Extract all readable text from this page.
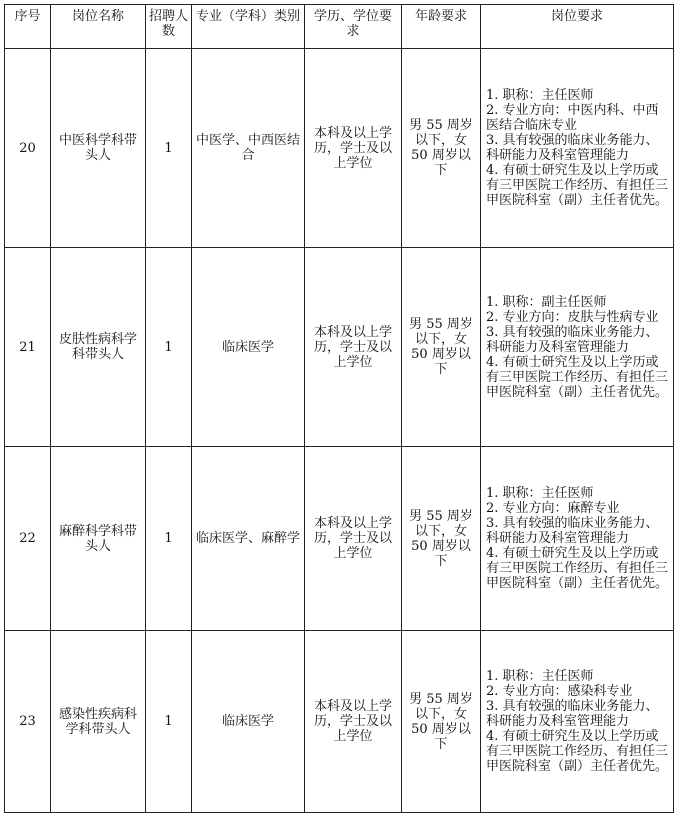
序号	岗位名称	招聘人数	专业（学科）类别	学历、学位要求	年龄要求	岗位要求
20	中医科学科带头人	1	中医学、中西医结合	本科及以上学历，学士及以上学位	男 55 周岁以下，女 50 周岁以下	1. 职称：主任医师
2. 专业方向：中医内科、中西医结合临床专业
3. 具有较强的临床业务能力、科研能力及科室管理能力
4. 有硕士研究生及以上学历或有三甲医院工作经历、有担任三甲医院科室（副）主任者优先。

21	皮肤性病科学科带头人	1	临床医学	本科及以上学历，学士及以上学位	男 55 周岁以下，女 50 周岁以下	1. 职称：副主任医师
2. 专业方向：皮肤与性病专业
3. 具有较强的临床业务能力、科研能力及科室管理能力
4. 有硕士研究生及以上学历或有三甲医院工作经历、有担任三甲医院科室（副）主任者优先。

22	麻醉科学科带头人	1	临床医学、麻醉学	本科及以上学历，学士及以上学位	男 55 周岁以下，女 50 周岁以下	1. 职称：主任医师
2. 专业方向：麻醉专业
3. 具有较强的临床业务能力、科研能力及科室管理能力
4. 有硕士研究生及以上学历或有三甲医院工作经历、有担任三甲医院科室（副）主任者优先。

23	感染性疾病科学科带头人	1	临床医学	本科及以上学历，学士及以上学位	男 55 周岁以下，女 50 周岁以下	1. 职称：主任医师
2. 专业方向：感染科专业
3. 具有较强的临床业务能力、科研能力及科室管理能力
4. 有硕士研究生及以上学历或有三甲医院工作经历、有担任三甲医院科室（副）主任者优先。
